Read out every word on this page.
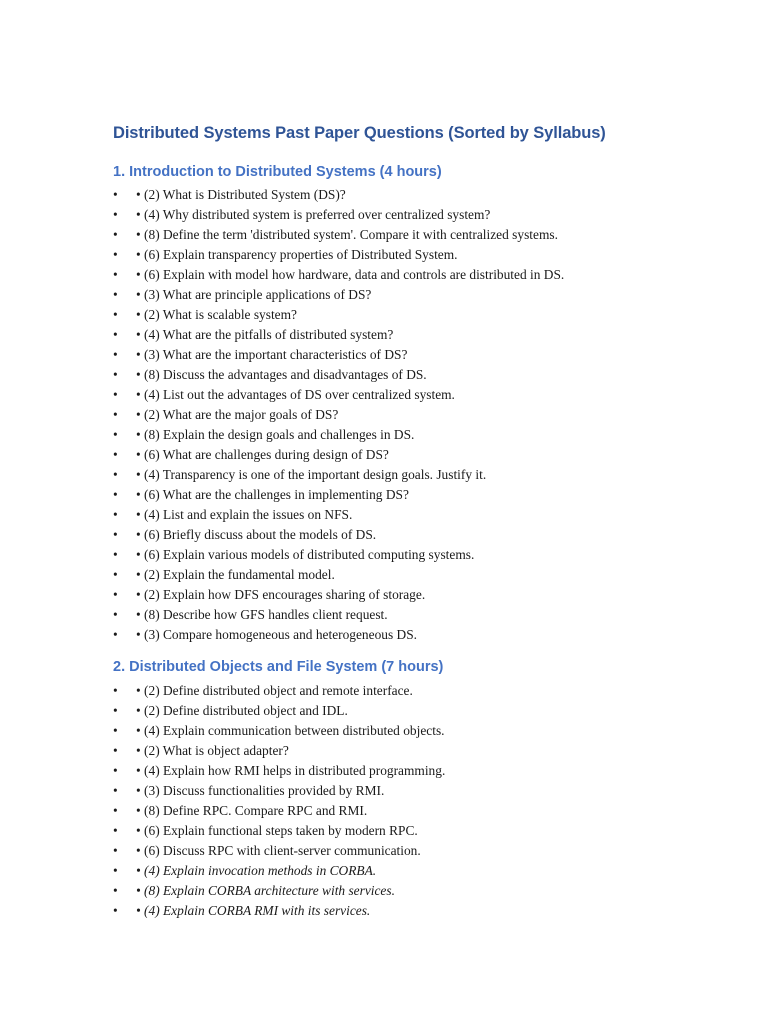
Distributed Systems Past Paper Questions (Sorted by Syllabus)
1. Introduction to Distributed Systems (4 hours)
•	• (2) What is Distributed System (DS)?
•	• (4) Why distributed system is preferred over centralized system?
•	• (8) Define the term 'distributed system'. Compare it with centralized systems.
•	• (6) Explain transparency properties of Distributed System.
•	• (6) Explain with model how hardware, data and controls are distributed in DS.
•	• (3) What are principle applications of DS?
•	• (2) What is scalable system?
•	• (4) What are the pitfalls of distributed system?
•	• (3) What are the important characteristics of DS?
•	• (8) Discuss the advantages and disadvantages of DS.
•	• (4) List out the advantages of DS over centralized system.
•	• (2) What are the major goals of DS?
•	• (8) Explain the design goals and challenges in DS.
•	• (6) What are challenges during design of DS?
•	• (4) Transparency is one of the important design goals. Justify it.
•	• (6) What are the challenges in implementing DS?
•	• (4) List and explain the issues on NFS.
•	• (6) Briefly discuss about the models of DS.
•	• (6) Explain various models of distributed computing systems.
•	• (2) Explain the fundamental model.
•	• (2) Explain how DFS encourages sharing of storage.
•	• (8) Describe how GFS handles client request.
•	• (3) Compare homogeneous and heterogeneous DS.
2. Distributed Objects and File System (7 hours)
•	• (2) Define distributed object and remote interface.
•	• (2) Define distributed object and IDL.
•	• (4) Explain communication between distributed objects.
•	• (2) What is object adapter?
•	• (4) Explain how RMI helps in distributed programming.
•	• (3) Discuss functionalities provided by RMI.
•	• (8) Define RPC. Compare RPC and RMI.
•	• (6) Explain functional steps taken by modern RPC.
•	• (6) Discuss RPC with client-server communication.
•	• (4) Explain invocation methods in CORBA.
•	• (8) Explain CORBA architecture with services.
•	• (4) Explain CORBA RMI with its services.
